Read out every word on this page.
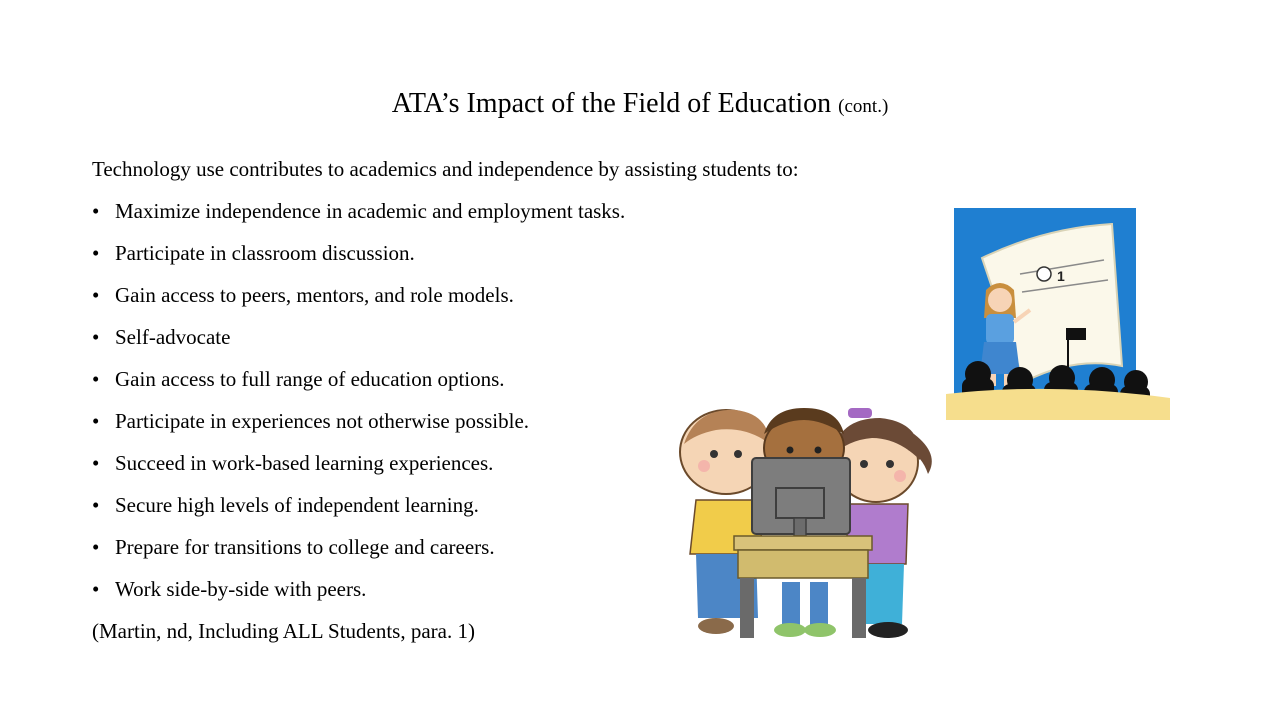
ATA’s Impact of the Field of Education (cont.)
Technology use contributes to academics and independence by assisting students to:
• Maximize independence in academic and employment tasks.
• Participate in classroom discussion.
• Gain access to peers, mentors, and role models.
• Self-advocate
• Gain access to full range of education options.
• Participate in experiences not otherwise possible.
• Succeed in work-based learning experiences.
• Secure high levels of independent learning.
• Prepare for transitions to college and careers.
• Work side-by-side with peers.
(Martin, nd, Including ALL Students, para. 1)
1
